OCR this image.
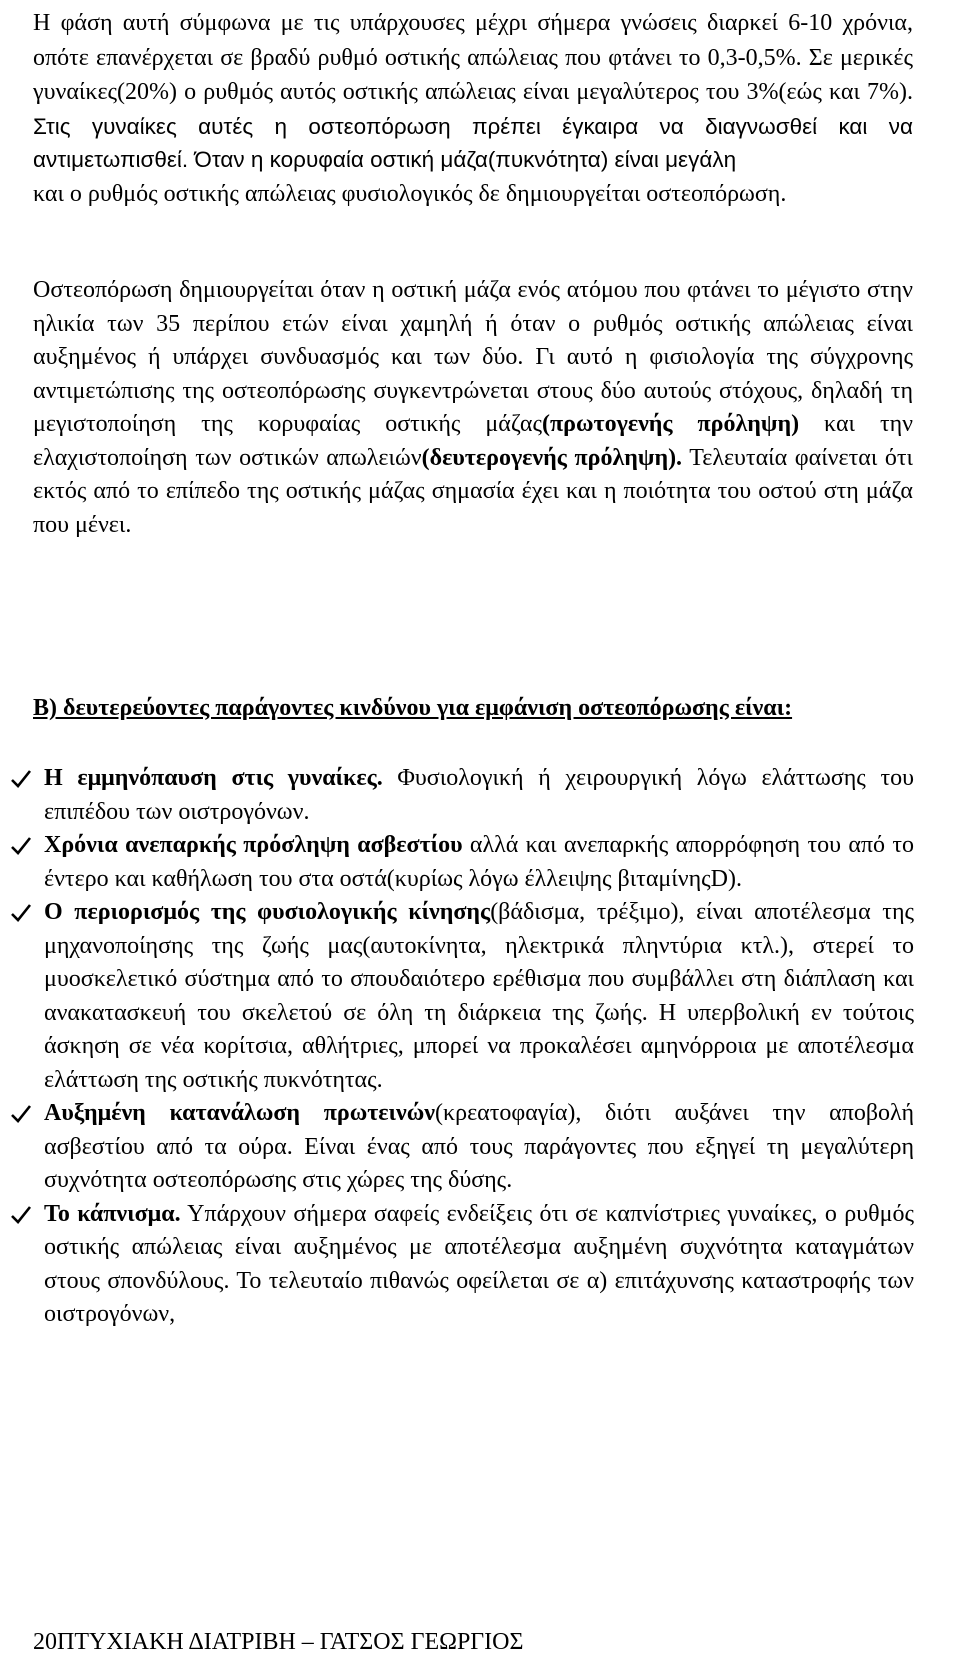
Η φάση αυτή σύμφωνα με τις υπάρχουσες μέχρι σήμερα γνώσεις διαρκεί 6-10 χρόνια, οπότε επανέρχεται σε βραδύ ρυθμό οστικής απώλειας που φτάνει το 0,3-0,5%. Σε μερικές γυναίκες(20%) ο ρυθμός αυτός οστικής απώλειας είναι μεγαλύτερος του 3%(εώς και 7%). Στις γυναίκες αυτές η οστεοπόρωση πρέπει έγκαιρα να διαγνωσθεί και να αντιμετωπισθεί. Όταν η κορυφαία οστική μάζα(πυκνότητα) είναι μεγάλη
και ο ρυθμός οστικής απώλειας φυσιολογικός δε δημιουργείται οστεοπόρωση.

Οστεοπόρωση δημιουργείται όταν η οστική μάζα ενός ατόμου που φτάνει το μέγιστο στην ηλικία των 35 περίπου ετών είναι χαμηλή ή όταν ο ρυθμός οστικής απώλειας είναι αυξημένος ή υπάρχει συνδυασμός και των δύο. Γι αυτό η φισιολογία της σύγχρονης αντιμετώπισης της οστεοπόρωσης συγκεντρώνεται στους δύο αυτούς στόχους, δηλαδή τη μεγιστοποίηση της κορυφαίας οστικής μάζας(πρωτογενής πρόληψη) και την ελαχιστοποίηση των οστικών απωλειών(δευτερογενής πρόληψη). Τελευταία φαίνεται ότι εκτός από το επίπεδο της οστικής μάζας σημασία έχει και η ποιότητα του οστού στη μάζα που μένει.

Β) δευτερεύοντες παράγοντες κινδύνου για εμφάνιση οστεοπόρωσης είναι:

Η εμμηνόπαυση στις γυναίκες. Φυσιολογική ή χειρουργική λόγω ελάττωσης του επιπέδου των οιστρογόνων.
Χρόνια ανεπαρκής πρόσληψη ασβεστίου αλλά και ανεπαρκής απορρόφηση του από το έντερο και καθήλωση του στα οστά(κυρίως λόγω έλλειψης βιταμίνηςD).
Ο περιορισμός της φυσιολογικής κίνησης(βάδισμα, τρέξιμο), είναι αποτέλεσμα της μηχανοποίησης της ζωής μας(αυτοκίνητα, ηλεκτρικά πληντύρια κτλ.), στερεί το μυοσκελετικό σύστημα από το σπουδαιότερο ερέθισμα που συμβάλλει στη διάπλαση και ανακατασκευή του σκελετού σε όλη τη διάρκεια της ζωής. Η υπερβολική εν τούτοις άσκηση σε νέα κορίτσια, αθλήτριες, μπορεί να προκαλέσει αμηνόρροια με αποτέλεσμα ελάττωση της οστικής πυκνότητας.
Αυξημένη κατανάλωση πρωτεινών(κρεατοφαγία), διότι αυξάνει την αποβολή ασβεστίου από τα ούρα. Είναι ένας από τους παράγοντες που εξηγεί τη μεγαλύτερη συχνότητα οστεοπόρωσης στις χώρες της δύσης.
Το κάπνισμα. Υπάρχουν σήμερα σαφείς ενδείξεις ότι σε καπνίστριες γυναίκες, ο ρυθμός οστικής απώλειας είναι αυξημένος με αποτέλεσμα αυξημένη συχνότητα καταγμάτων στους σπονδύλους. Το τελευταίο πιθανώς οφείλεται σε α) επιτάχυνσης καταστροφής των οιστρογόνων,
20ΠΤΥΧΙΑΚΗ ΔΙΑΤΡΙΒΗ – ΓΑΤΣΟΣ ΓΕΩΡΓΙΟΣ
